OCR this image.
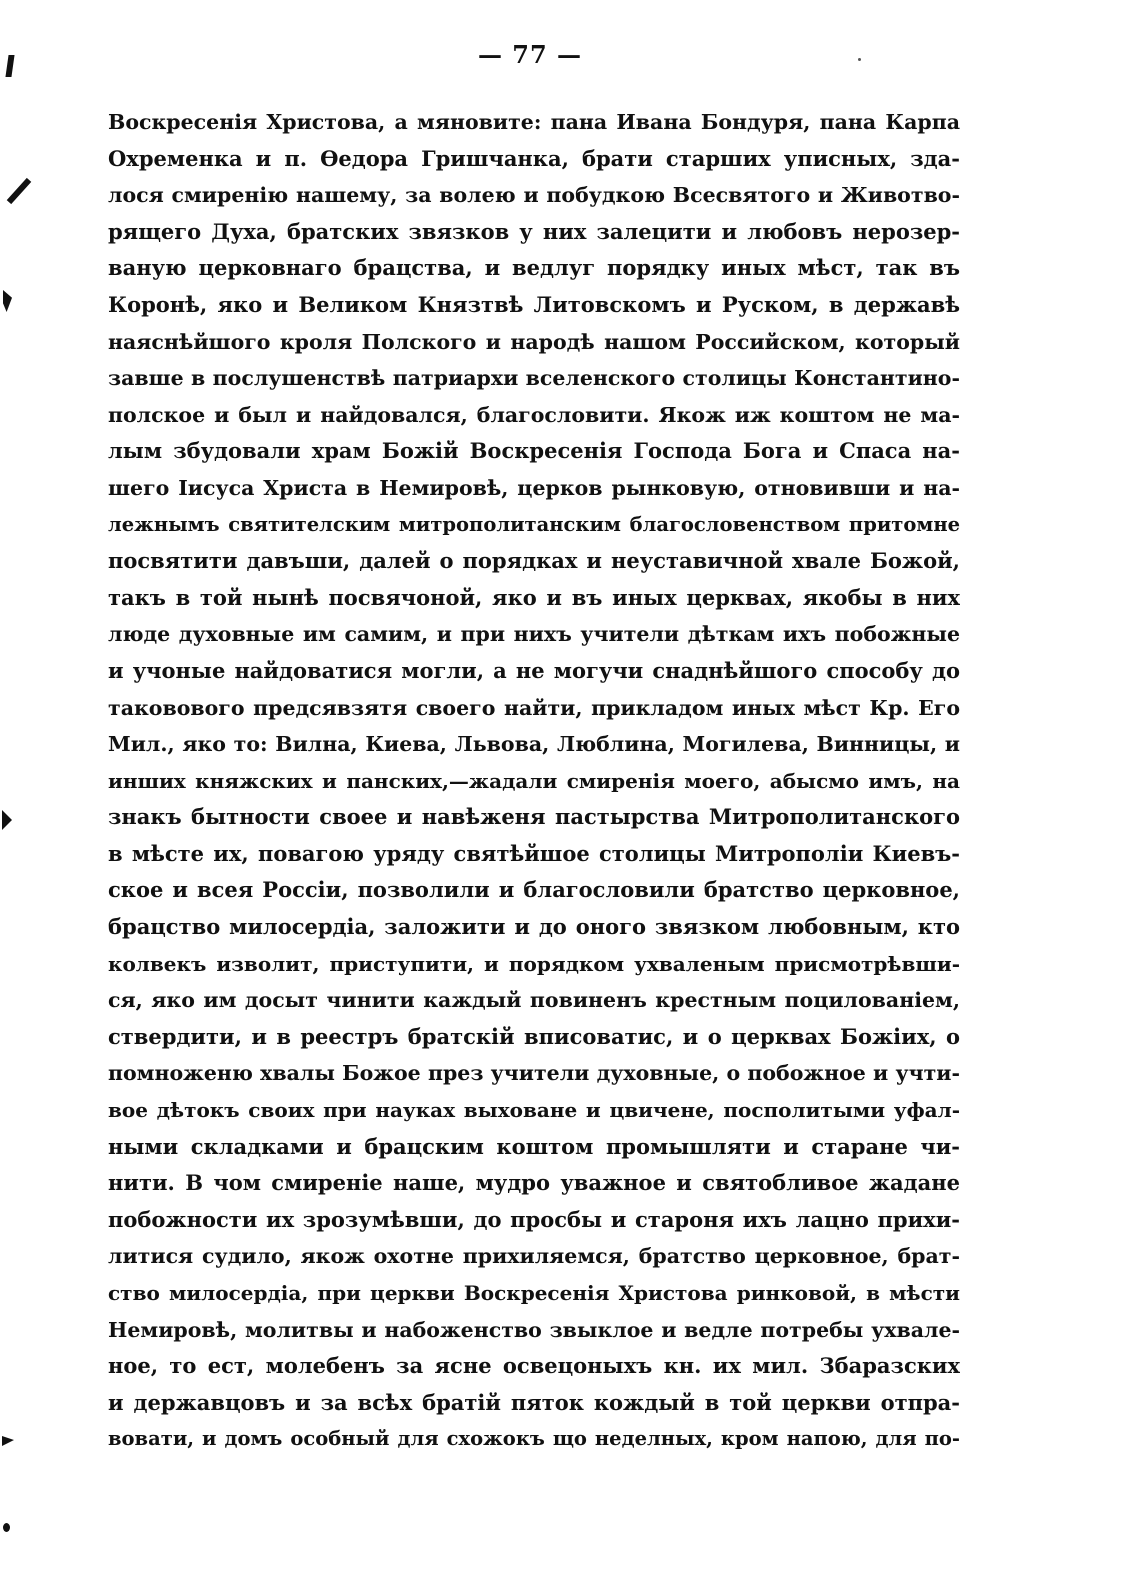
— 77 —
Воскресенія Христова, а мяновите: пана Ивана Бондуря, пана Карпа
Охременка и п. Ѳедора Гришчанка, брати старших уписных, зда-
лося смиренію нашему, за волею и побудкою Всесвятого и Животво-
рящего Духа, братских звязков у них залецити и любовъ нерозер-
ваную церковнаго брацства, и ведлуг порядку иных мѣст, так въ
Коронѣ, яко и Великом Князтвѣ Литовскомъ и Руском, в державѣ
наяснѣйшого кроля Полского и народѣ нашом Российском, который
завше в послушенствѣ патриархи вселенского столицы Константино-
полское и был и найдовался, благословити. Якож иж коштом не ма-
лым збудовали храм Божій Воскресенія Господа Бога и Спаса на-
шего Іисуса Христа в Немировѣ, церков рынковую, отновивши и на-
лежнымъ святителским митрополитанским благословенством притомне
посвятити давъши, далей о порядках и неуставичной хвале Божой,
такъ в той нынѣ посвячоной, яко и въ иных церквах, якобы в них
люде духовные им самим, и при нихъ учители дѣткам ихъ побожные
и учоные найдоватися могли, а не могучи снаднѣйшого способу до
таковового предсявзятя своего найти, прикладом иных мѣст Кр. Его
Мил., яко то: Вилна, Киева, Львова, Люблина, Могилева, Винницы, и
инших княжских и панских,—жадали смиренія моего, абысмо имъ, на
знакъ бытности своее и навѣженя пастырства Митрополитанского
в мѣсте их, повагою уряду святѣйшое столицы Митрополіи Киевъ-
ское и всея Россіи, позволили и благословили братство церковное,
брацство милосердіа, заложити и до оного звязком любовным, кто
колвекъ изволит, приступити, и порядком ухваленым присмотрѣвши-
ся, яко им досыт чинити каждый повиненъ крестным поцилованіем,
ствердити, и в реестръ братскій вписоватис, и о церквах Божіих, о
помноженю хвалы Божое през учители духовные, о побожное и учти-
вое дѣтокъ своих при науках выховане и цвичене, посполитыми уфал-
ными складками и брацским коштом промышляти и старане чи-
нити. В чом смиреніе наше, мудро уважное и святобливое жадане
побожности их зрозумѣвши, до просбы и староня ихъ лацно прихи-
литися судило, якож охотне прихиляемся, братство церковное, брат-
ство милосердіа, при церкви Воскресенія Христова ринковой, в мѣсти
Немировѣ, молитвы и набоженство звыклое и ведле потребы ухвале-
ное, то ест, молебенъ за ясне освецоныхъ кн. их мил. Збаразских
и державцовъ и за всѣх братій пяток кождый в той церкви отпра-
вовати, и домъ особный для схожокъ що неделных, кром напою, для по-
